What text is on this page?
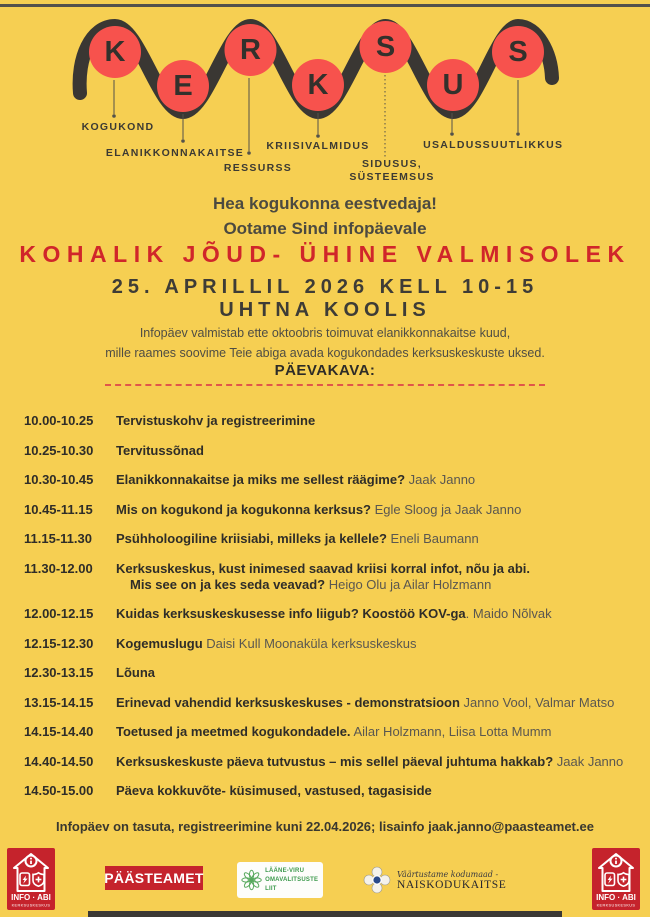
K
E
R
K
S
U
S
KOGUKOND
ELANIKKONNAKAITSE
RESSURSS
KRIISIVALMIDUS
SIDUSUS,
SÜSTEEMSUS
USALDUS SUUTLIKKUS
Hea kogukonna eestvedaja!
Ootame Sind infopäevale
KOHALIK JÕUD- ÜHINE VALMISOLEK
25. APRILLIL 2026 KELL 10-15
UHTNA KOOLIS
Infopäev valmistab ette oktoobris toimuvat elanikkonnakaitse kuud,
mille raames soovime Teie abiga avada kogukondades kerksuskeskuste uksed.
PÄEVAKAVA:
10.00-10.25	Tervistuskohv ja registreerimine
10.25-10.30	Tervitussõnad
10.30-10.45	Elanikkonnakaitse ja miks me sellest räägime? Jaak Janno
10.45-11.15	Mis on kogukond ja kogukonna kerksus? Egle Sloog ja Jaak Janno
11.15-11.30	Psühholoogiline kriisiabi, milleks ja kellele? Eneli Baumann
11.30-12.00	Kerksuskeskus, kust inimesed saavad kriisi korral infot, nõu ja abi.
Mis see on ja kes seda veavad? Heigo Olu ja Ailar Holzmann
12.00-12.15	Kuidas kerksuskeskusesse info liigub? Koostöö KOV-ga. Maido Nõlvak
12.15-12.30	Kogemuslugu Daisi Kull Moonaküla kerksuskeskus
12.30-13.15	Lõuna
13.15-14.15	Erinevad vahendid kerksuskeskuses - demonstratsioon Janno Vool, Valmar Matso
14.15-14.40	Toetused ja meetmed kogukondadele. Ailar Holzmann, Liisa Lotta Mumm
14.40-14.50	Kerksuskeskuste päeva tutvustus – mis sellel päeval juhtuma hakkab? Jaak Janno
14.50-15.00	Päeva kokkuvõte- küsimused, vastused, tagasiside
Infopäev on tasuta, registreerimine kuni 22.04.2026; lisainfo jaak.janno@paasteamet.ee
INFO · ABI
KERKSUSKESKUS
PÄÄSTEAMET	LÄÄNE-VIRU
OMAVALITSUSTE LIIT
Väärtustame kodumaad -
NAISKODUKAITSE
INFO · ABI
KERKSUSKESKUS
